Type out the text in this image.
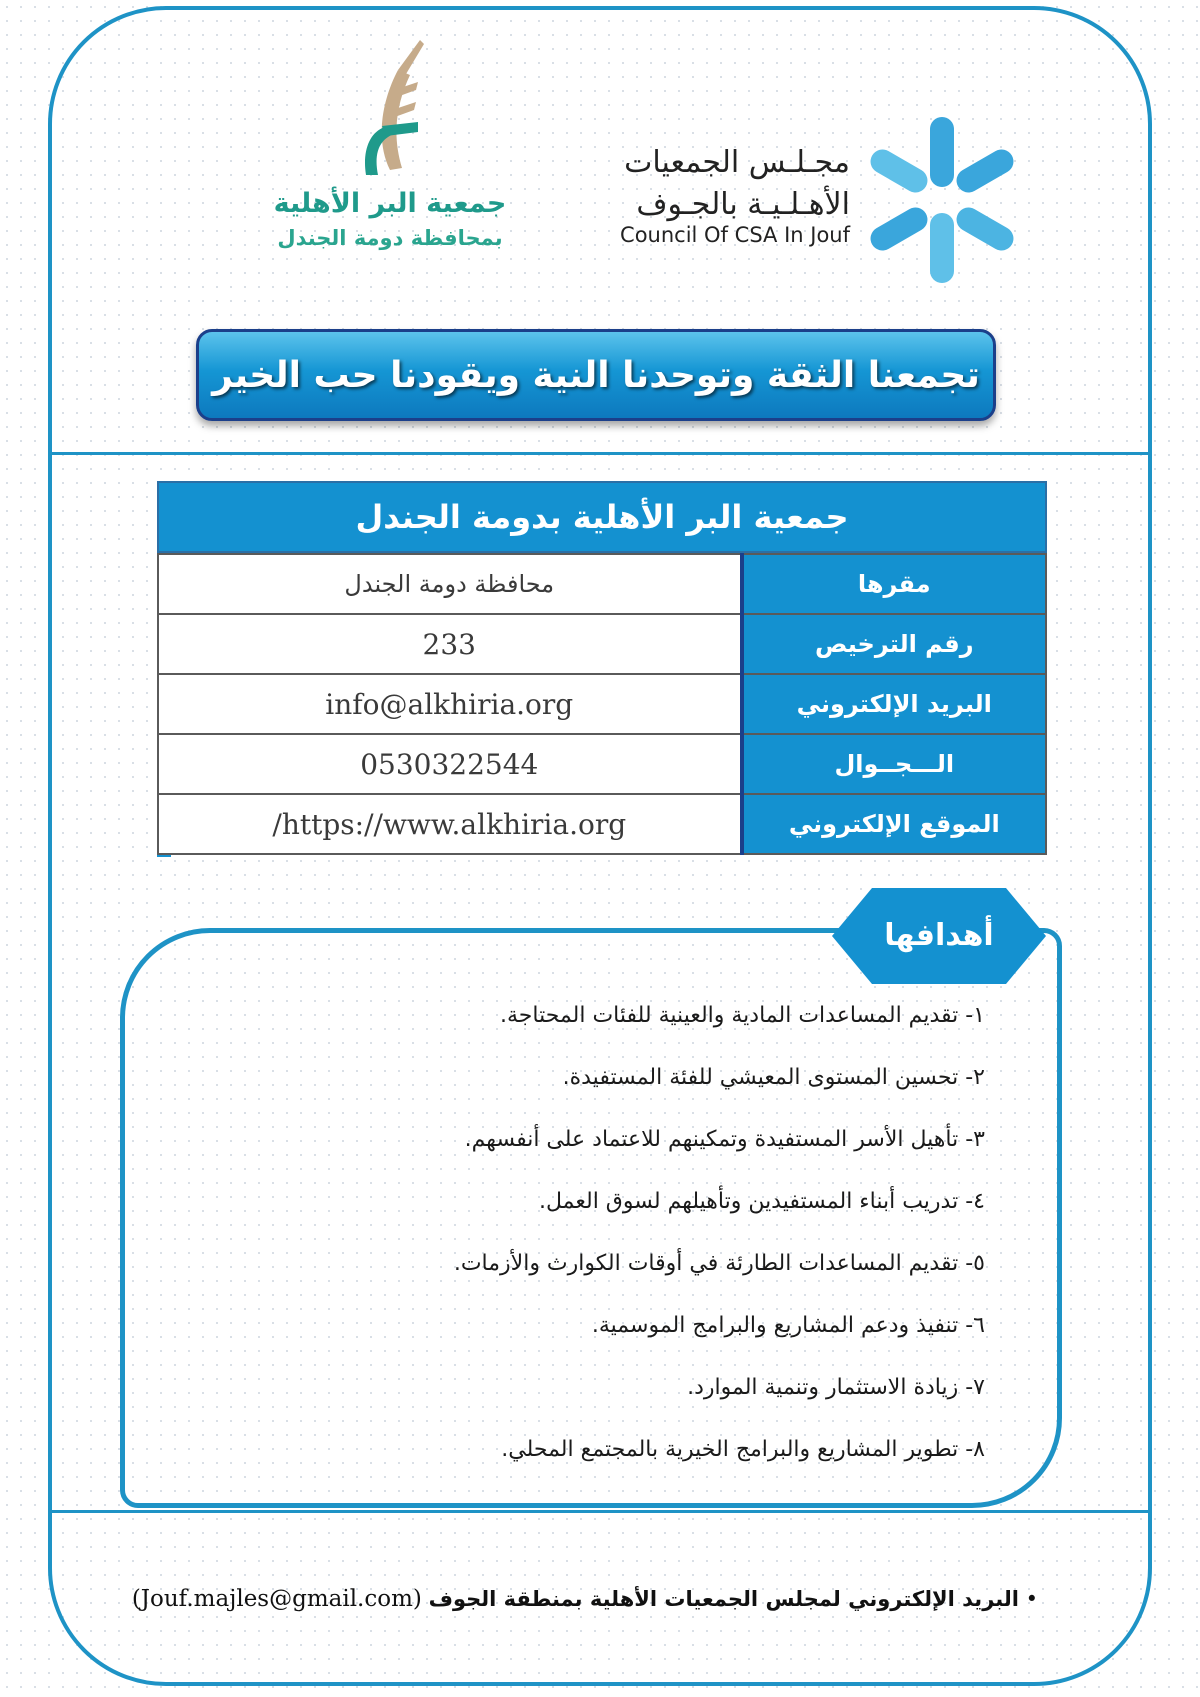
جمعية البر الأهلية
بمحافظة دومة الجندل
مجـلـس الجمعيات
الأهـلـيـة بالجـوف
Council Of CSA In Jouf
تجمعنا الثقة وتوحدنا النية ويقودنا حب الخير
جمعية البر الأهلية بدومة الجندل
محافظة دومة الجندل	مقرها
233	رقم الترخيص
info@alkhiria.org	البريد الإلكتروني
0530322544	الـــجــوال
/https://www.alkhiria.org	الموقع الإلكتروني
أهدافها
١- تقديم المساعدات المادية والعينية للفئات المحتاجة.
٢- تحسين المستوى المعيشي للفئة المستفيدة.
٣- تأهيل الأسر المستفيدة وتمكينهم للاعتماد على أنفسهم.
٤- تدريب أبناء المستفيدين وتأهيلهم لسوق العمل.
٥- تقديم المساعدات الطارئة في أوقات الكوارث والأزمات.
٦- تنفيذ ودعم المشاريع والبرامج الموسمية.
٧- زيادة الاستثمار وتنمية الموارد.
٨- تطوير المشاريع والبرامج الخيرية بالمجتمع المحلي.
• البريد الإلكتروني لمجلس الجمعيات الأهلية بمنطقة الجوف (Jouf.majles@gmail.com)
